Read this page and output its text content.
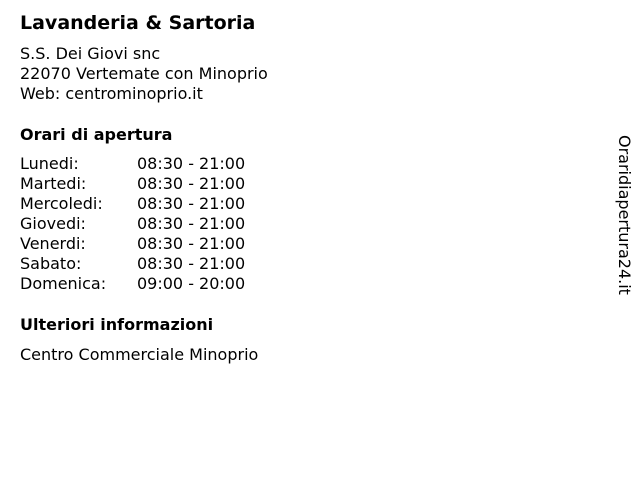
Lavanderia & Sartoria
S.S. Dei Giovi snc
22070 Vertemate con Minoprio
Web: centrominoprio.it
Orari di apertura
Lunedi:	08:30 - 21:00
Martedi:	08:30 - 21:00
Mercoledi: 08:30 - 21:00
Giovedi:	08:30 - 21:00
Venerdi:	08:30 - 21:00
Sabato:	08:30 - 21:00
Domenica: 09:00 - 20:00
Ulteriori informazioni
Centro Commerciale Minoprio
Oraridiapertura24.it
